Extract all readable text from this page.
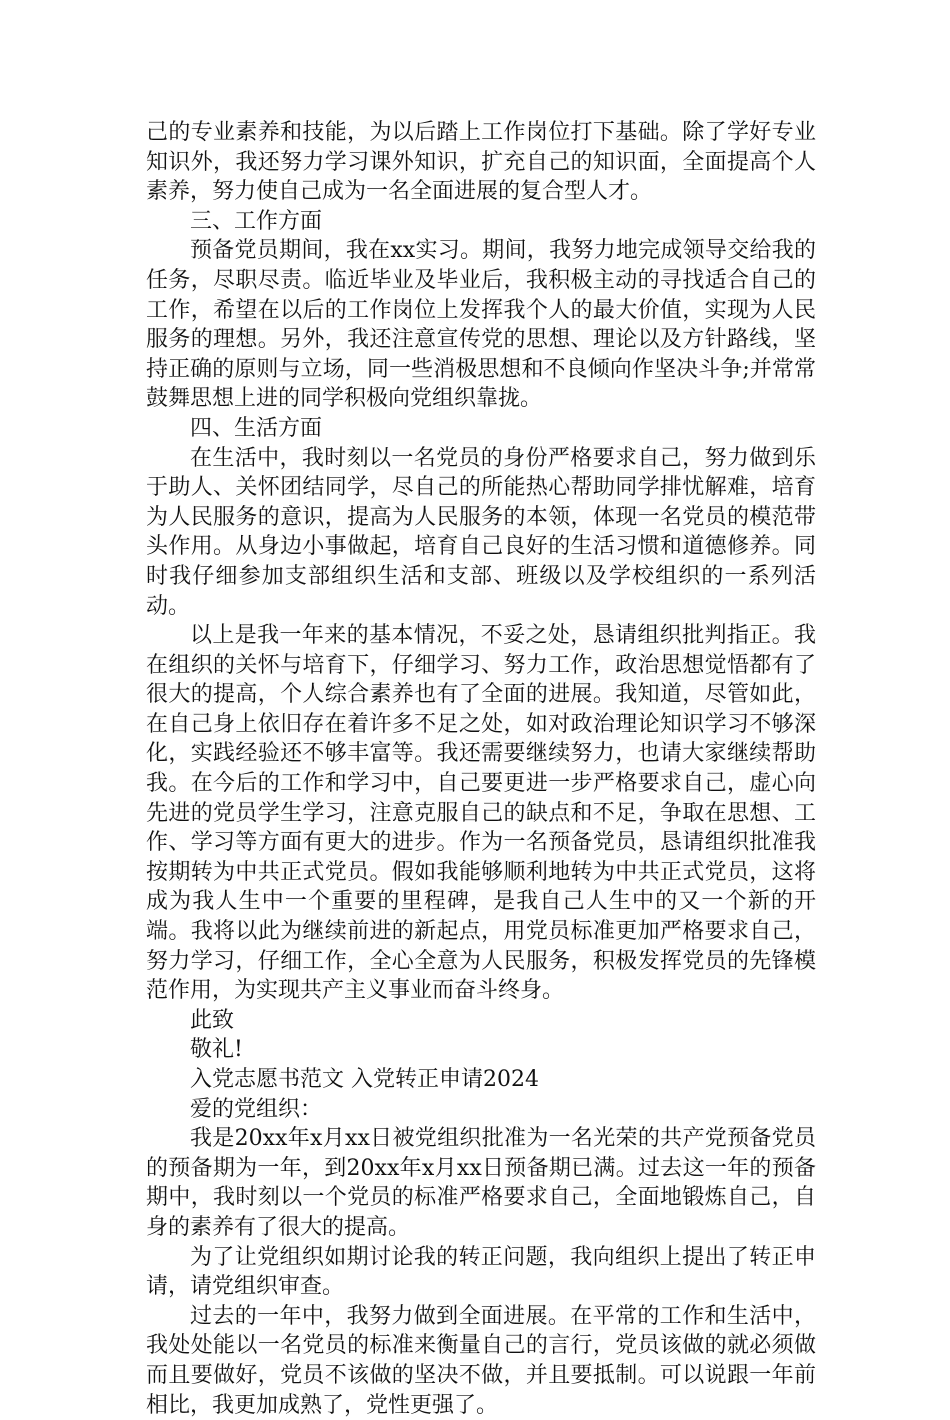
己的专业素养和技能，为以后踏上工作岗位打下基础。除了学好专业知识外，我还努力学习课外知识，扩充自己的知识面，全面提高个人素养，努力使自己成为一名全面进展的复合型人才。

三、工作方面

预备党员期间，我在xx实习。期间，我努力地完成领导交给我的任务，尽职尽责。临近毕业及毕业后，我积极主动的寻找适合自己的工作，希望在以后的工作岗位上发挥我个人的最大价值，实现为人民服务的理想。另外，我还注意宣传党的思想、理论以及方针路线，坚持正确的原则与立场，同一些消极思想和不良倾向作坚决斗争;并常常鼓舞思想上进的同学积极向党组织靠拢。

四、生活方面

在生活中，我时刻以一名党员的身份严格要求自己，努力做到乐于助人、关怀团结同学，尽自己的所能热心帮助同学排忧解难，培育为人民服务的意识，提高为人民服务的本领，体现一名党员的模范带头作用。从身边小事做起，培育自己良好的生活习惯和道德修养。同时我仔细参加支部组织生活和支部、班级以及学校组织的一系列活动。

以上是我一年来的基本情况，不妥之处，恳请组织批判指正。我在组织的关怀与培育下，仔细学习、努力工作，政治思想觉悟都有了很大的提高，个人综合素养也有了全面的进展。我知道，尽管如此，在自己身上依旧存在着许多不足之处，如对政治理论知识学习不够深化，实践经验还不够丰富等。我还需要继续努力，也请大家继续帮助我。在今后的工作和学习中，自己要更进一步严格要求自己，虚心向先进的党员学生学习，注意克服自己的缺点和不足，争取在思想、工作、学习等方面有更大的进步。作为一名预备党员，恳请组织批准我按期转为中共正式党员。假如我能够顺利地转为中共正式党员，这将成为我人生中一个重要的里程碑，是我自己人生中的又一个新的开端。我将以此为继续前进的新起点，用党员标准更加严格要求自己，努力学习，仔细工作，全心全意为人民服务，积极发挥党员的先锋模范作用，为实现共产主义事业而奋斗终身。

此致

敬礼!

入党志愿书范文 入党转正申请2024

爱的党组织：

我是20xx年x月xx日被党组织批准为一名光荣的共产党预备党员的预备期为一年，到20xx年x月xx日预备期已满。过去这一年的预备期中，我时刻以一个党员的标准严格要求自己，全面地锻炼自己，自身的素养有了很大的提高。

为了让党组织如期讨论我的转正问题，我向组织上提出了转正申请，请党组织审查。

过去的一年中，我努力做到全面进展。在平常的工作和生活中，我处处能以一名党员的标准来衡量自己的言行，党员该做的就必须做而且要做好，党员不该做的坚决不做，并且要抵制。可以说跟一年前相比，我更加成熟了，党性更强了。
